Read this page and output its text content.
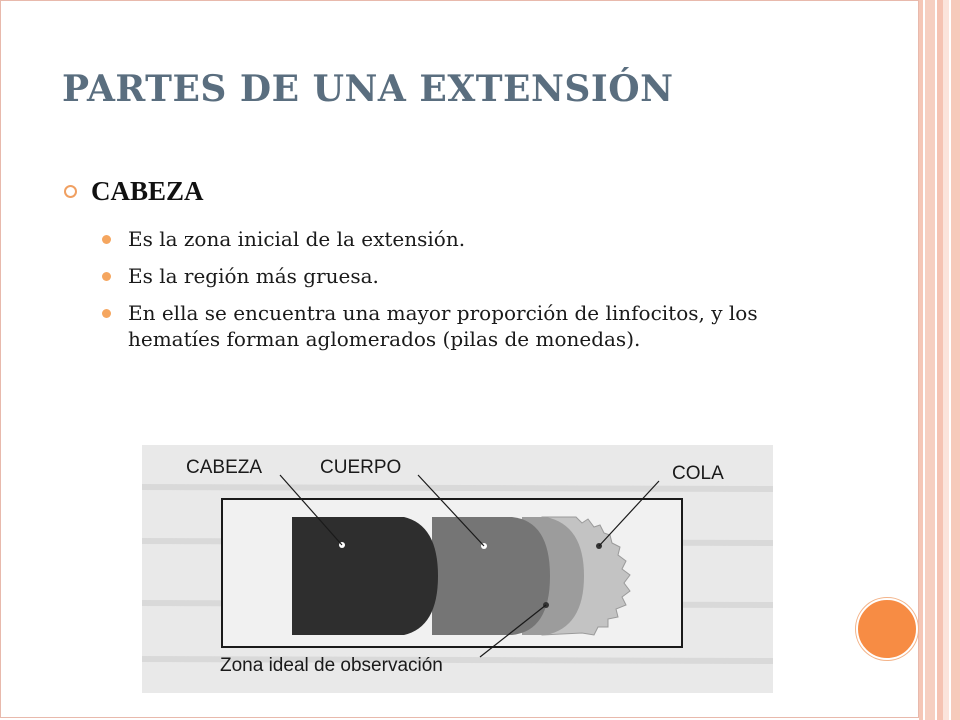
PARTES DE UNA EXTENSIÓN
CABEZA
Es la zona inicial de la extensión.
Es la región más gruesa.
En ella se encuentra una mayor proporción de linfocitos, y los hematíes forman aglomerados (pilas de monedas).
CABEZA	CUERPO	COLA
Zona ideal de observación
